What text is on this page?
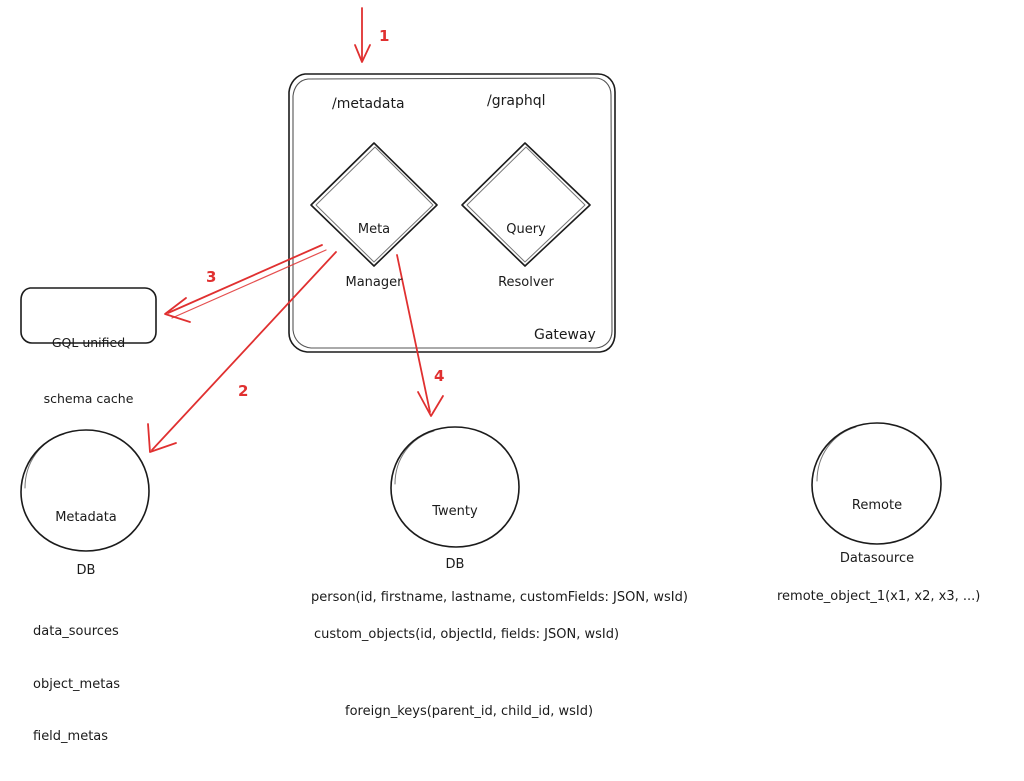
/metadata	/graphql

Meta

Manager

Query

Resolver

Gateway

GQL unified

schema cache

Metadata

DB

Twenty

DB

Remote

Datasource

1
2
3
4

data_sources

object_metas

field_metas

person(id, firstname, lastname, customFields: JSON, wsId)
custom_objects(id, objectId, fields: JSON, wsId)
remote_object_1(x1, x2, x3, ...)
foreign_keys(parent_id, child_id, wsId)
